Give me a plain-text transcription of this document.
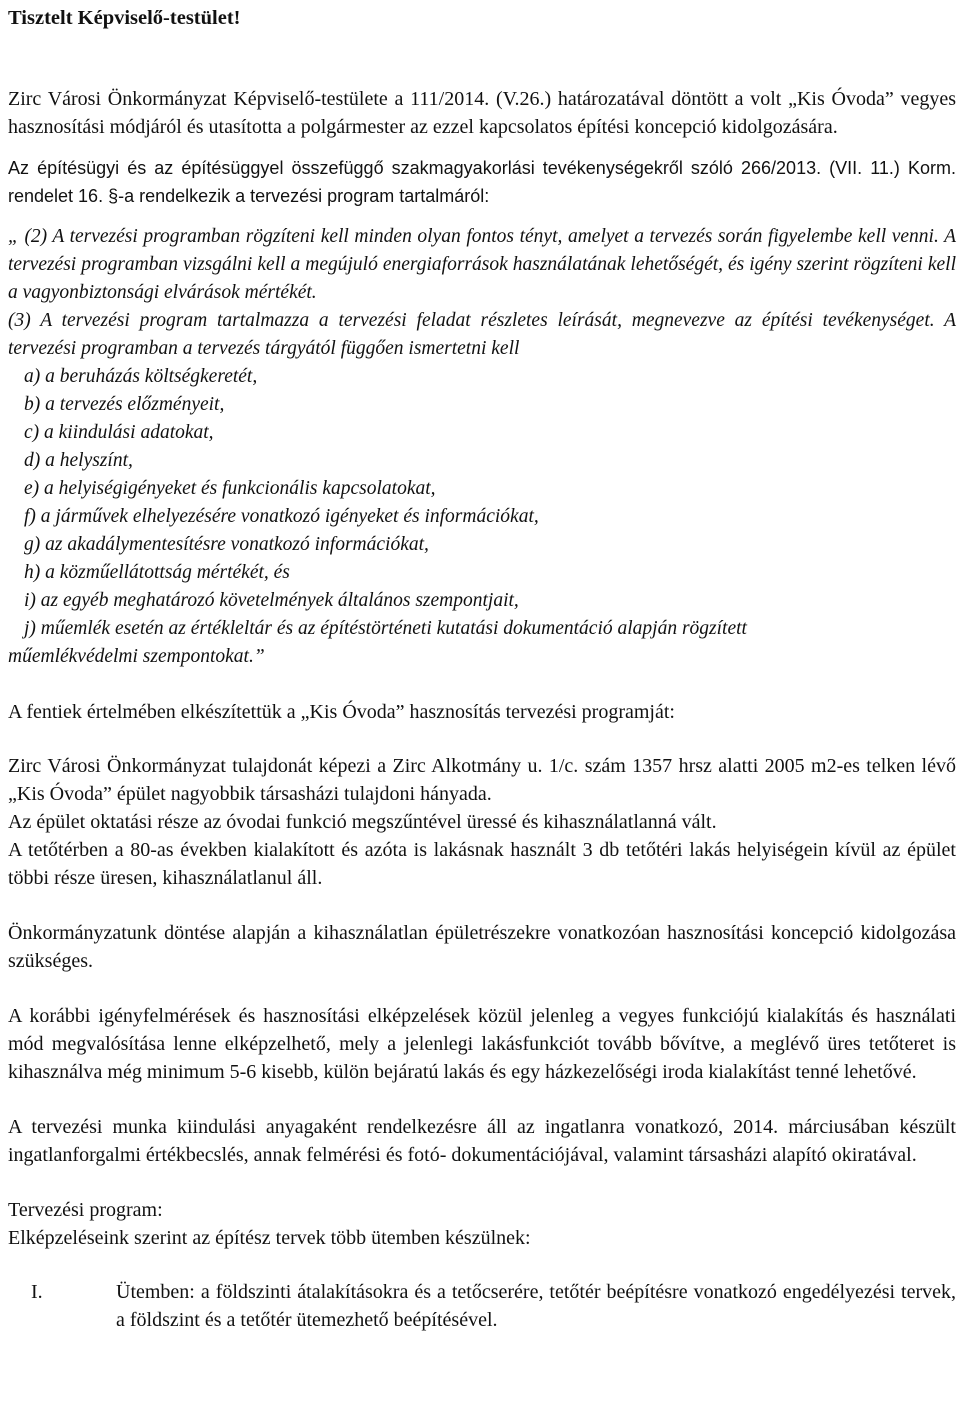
Tisztelt Képviselő-testület!

Zirc Városi Önkormányzat Képviselő-testülete a 111/2014. (V.26.) határozatával döntött a volt „Kis Óvoda” vegyes hasznosítási módjáról és utasította a polgármester az ezzel kapcsolatos építési koncepció kidolgozására.

Az építésügyi és az építésüggyel összefüggő szakmagyakorlási tevékenységekről szóló 266/2013. (VII. 11.) Korm. rendelet 16. §-a rendelkezik a tervezési program tartalmáról:

„ (2) A tervezési programban rögzíteni kell minden olyan fontos tényt, amelyet a tervezés során figyelembe kell venni. A tervezési programban vizsgálni kell a megújuló energiaforrások használatának lehetőségét, és igény szerint rögzíteni kell a vagyonbiztonsági elvárások mértékét.

(3) A tervezési program tartalmazza a tervezési feladat részletes leírását, megnevezve az építési tevékenységet. A tervezési programban a tervezés tárgyától függően ismertetni kell

a) a beruházás költségkeretét,
b) a tervezés előzményeit,
c) a kiindulási adatokat,
d) a helyszínt,
e) a helyiségigényeket és funkcionális kapcsolatokat,
f) a járművek elhelyezésére vonatkozó igényeket és információkat,
g) az akadálymentesítésre vonatkozó információkat,
h) a közműellátottság mértékét, és
i) az egyéb meghatározó követelmények általános szempontjait,
j) műemlék esetén az értékleltár és az építéstörténeti kutatási dokumentáció alapján rögzített

műemlékvédelmi szempontokat.”

A fentiek értelmében elkészítettük a „Kis Óvoda” hasznosítás tervezési programját:

Zirc Városi Önkormányzat tulajdonát képezi a Zirc Alkotmány u. 1/c. szám 1357 hrsz alatti 2005 m2-es telken lévő „Kis Óvoda” épület nagyobbik társasházi tulajdoni hányada.

Az épület oktatási része az óvodai funkció megszűntével üressé és kihasználatlanná vált.

A tetőtérben a 80-as években kialakított és azóta is lakásnak használt 3 db tetőtéri lakás helyiségein kívül az épület többi része üresen, kihasználatlanul áll.

Önkormányzatunk döntése alapján a kihasználatlan épületrészekre vonatkozóan hasznosítási koncepció kidolgozása szükséges.

A korábbi igényfelmérések és hasznosítási elképzelések közül jelenleg a vegyes funkciójú kialakítás és használati mód megvalósítása lenne elképzelhető, mely a jelenlegi lakásfunkciót tovább bővítve, a meglévő üres tetőteret is kihasználva még minimum 5-6 kisebb, külön bejáratú lakás és egy házkezelőségi iroda kialakítást tenné lehetővé.

A tervezési munka kiindulási anyagaként rendelkezésre áll az ingatlanra vonatkozó, 2014. márciusában készült ingatlanforgalmi értékbecslés, annak felmérési és fotó- dokumentációjával, valamint társasházi alapító okiratával.

Tervezési program:

Elképzeléseink szerint az építész tervek több ütemben készülnek:

I.	Ütemben: a földszinti átalakításokra és a tetőcserére, tetőtér beépítésre vonatkozó engedélyezési tervek, a földszint és a tetőtér ütemezhető beépítésével.
